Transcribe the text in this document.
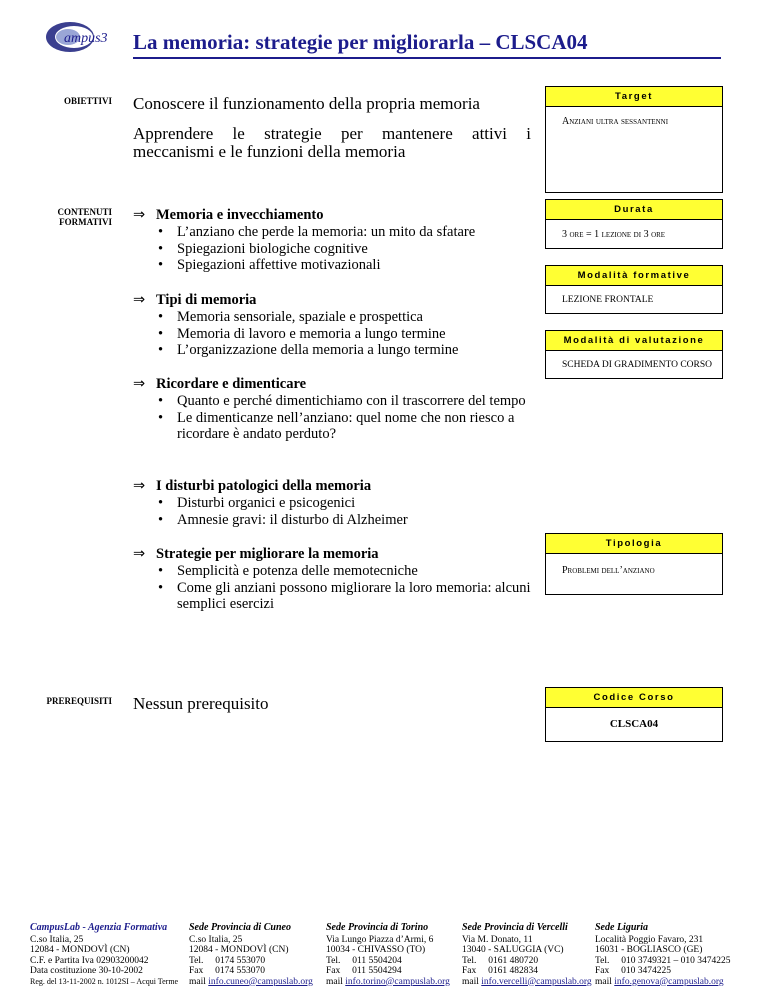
ampus3 La memoria: strategie per migliorarla – CLSCA04
OBIETTIVI
CONTENUTI
FORMATIVI
PREREQUISITI
Conoscere il funzionamento della propria memoria
Apprendere le strategie per mantenere attivi i
meccanismi e le funzioni della memoria
⇒ Memoria e invecchiamento
• L’anziano che perde la memoria: un mito da sfatare
• Spiegazioni biologiche cognitive
• Spiegazioni affettive motivazionali
⇒ Tipi di memoria
• Memoria sensoriale, spaziale e prospettica
• Memoria di lavoro e memoria a lungo termine
• L’organizzazione della memoria a lungo termine
⇒ Ricordare e dimenticare
• Quanto e perché dimentichiamo con il trascorrere del tempo
• Le dimenticanze nell’anziano: quel nome che non riesco a ricordare è andato perduto?
⇒ I disturbi patologici della memoria
• Disturbi organici e psicogenici
• Amnesie gravi: il disturbo di Alzheimer
⇒ Strategie per migliorare la memoria
• Semplicità e potenza delle memotecniche
• Come gli anziani possono migliorare la loro memoria: alcuni semplici esercizi
Nessun prerequisito
Target
Anziani ultra sessantenni
Durata
3 ore = 1 lezione di 3 ore
Modalità formative
LEZIONE FRONTALE
Modalità di valutazione
SCHEDA DI GRADIMENTO CORSO
Tipologia
Problemi dell’anziano
Codice Corso
CLSCA04
CampusLab - Agenzia Formativa
C.so Italia, 25
12084 - MONDOVÌ (CN)
C.F. e Partita Iva 02903200042
Data costituzione 30-10-2002
Reg. del 13-11-2002 n. 1012SI – Acqui Terme
Sede Provincia di Cuneo
C.so Italia, 25
12084 - MONDOVÌ (CN)
Tel.     0174 553070
Fax     0174 553070
mail info.cuneo@campuslab.org
Sede Provincia di Torino
Via Lungo Piazza d’Armi, 6
10034 - CHIVASSO (TO)
Tel.     011 5504204
Fax     011 5504294
mail info.torino@campuslab.org
Sede Provincia di Vercelli
Via M. Donato, 11
13040 - SALUGGIA (VC)
Tel.     0161 480720
Fax     0161 482834
mail info.vercelli@campuslab.org
Sede Liguria
Località Poggio Favaro, 231
16031 - BOGLIASCO (GE)
Tel.     010 3749321 – 010 3474225
Fax     010 3474225
mail info.genova@campuslab.org
